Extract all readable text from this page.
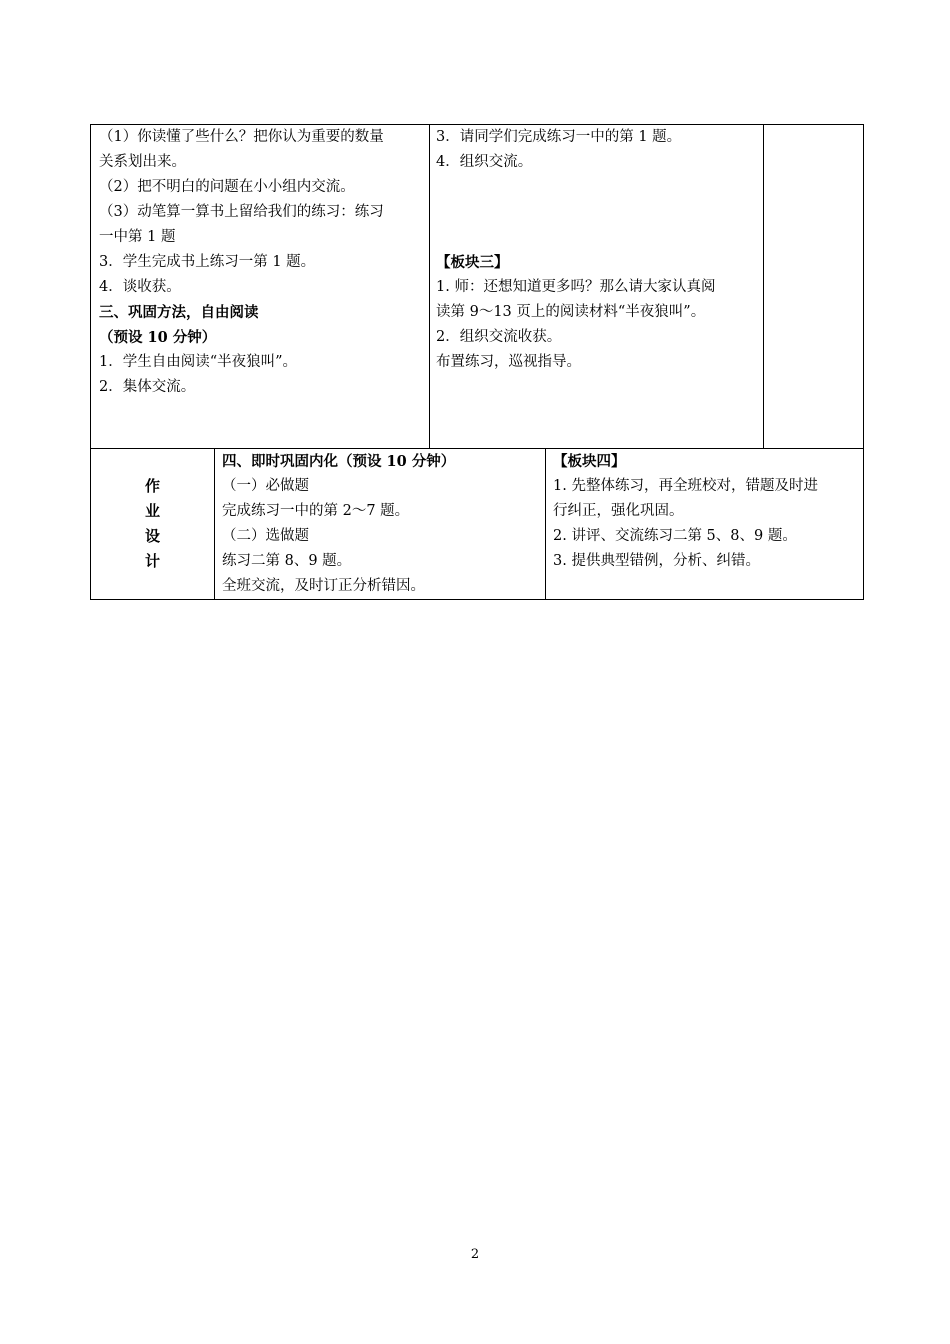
（1）你读懂了些什么？把你认为重要的数量
关系划出来。
（2）把不明白的问题在小小组内交流。
（3）动笔算一算书上留给我们的练习：练习
一中第 1 题
3．学生完成书上练习一第 1 题。
4．谈收获。
三、巩固方法，自由阅读
（预设 10 分钟）
1．学生自由阅读“半夜狼叫”。
2．集体交流。
3．请同学们完成练习一中的第 1 题。
4．组织交流。

【板块三】
1. 师：还想知道更多吗？那么请大家认真阅
读第 9～13 页上的阅读材料“半夜狼叫”。
2．组织交流收获。
布置练习，巡视指导。
作
业
设
计
四、即时巩固内化（预设 10 分钟）
（一）必做题
完成练习一中的第 2～7 题。
（二）选做题
练习二第 8、9 题。
全班交流，及时订正分析错因。
【板块四】
1. 先整体练习，再全班校对，错题及时进
行纠正，强化巩固。
2. 讲评、交流练习二第 5、8、9 题。
3. 提供典型错例，分析、纠错。
2
